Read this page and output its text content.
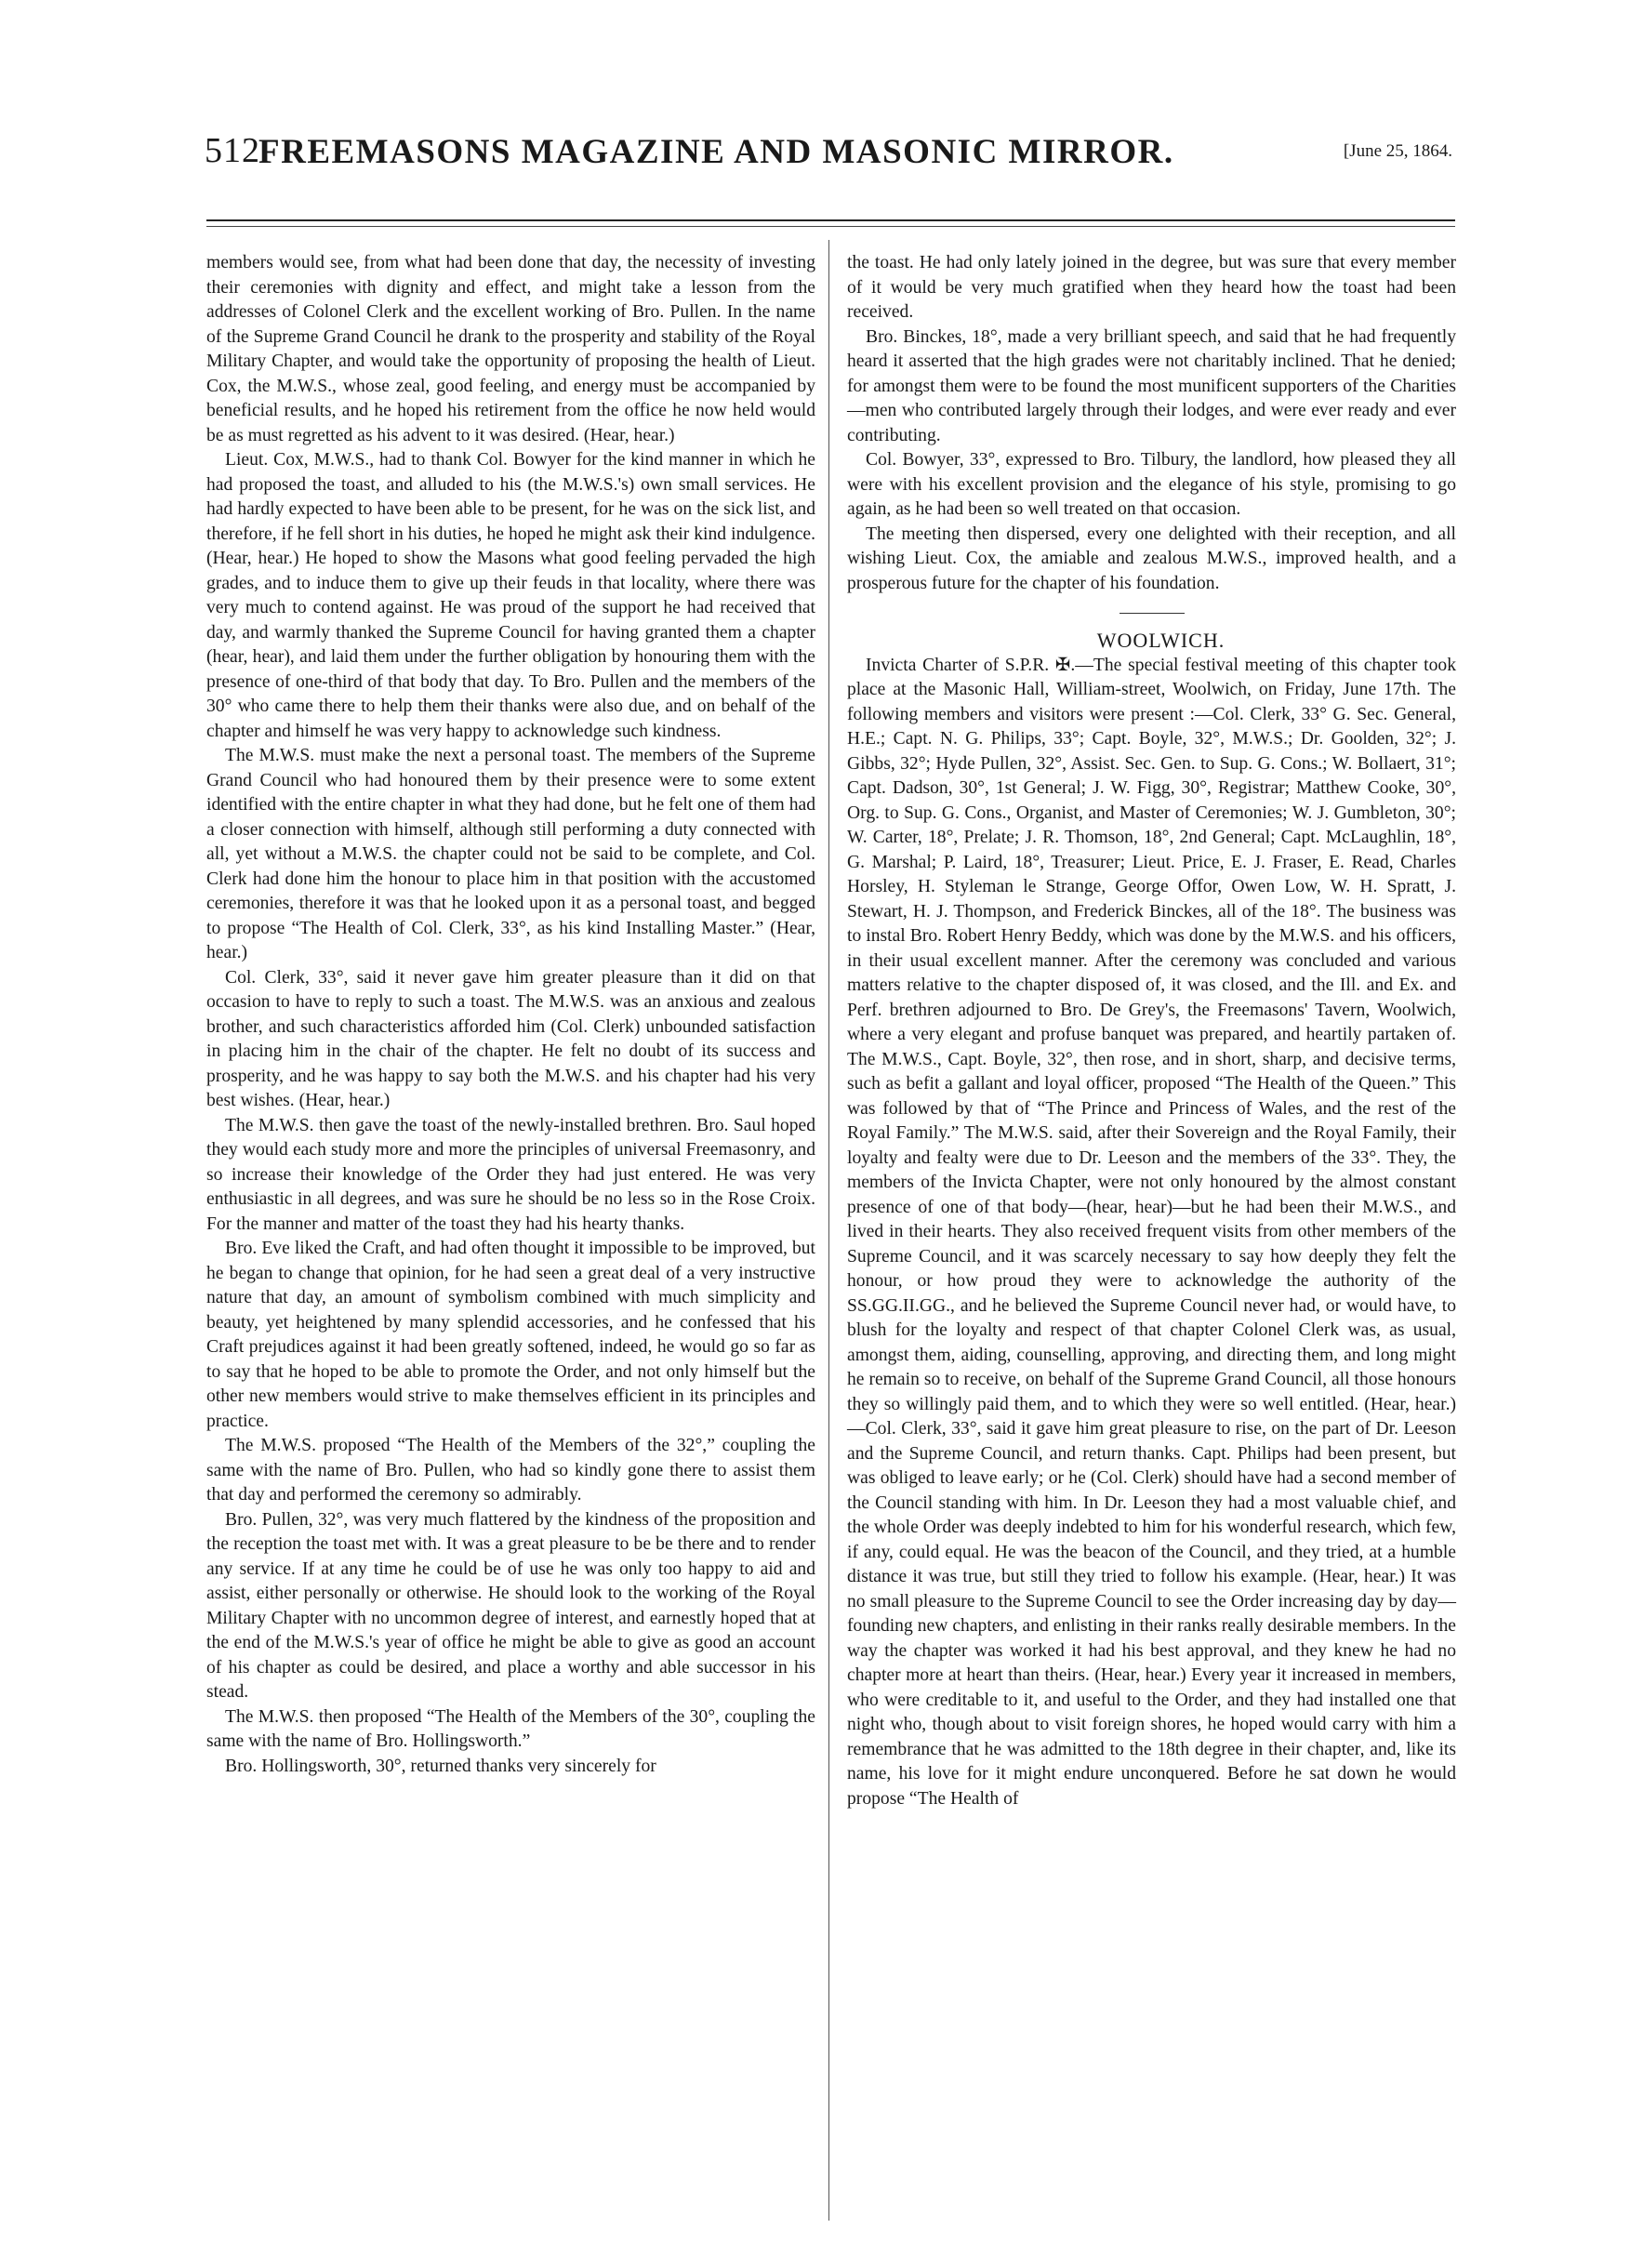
512
FREEMASONS MAGAZINE AND MASONIC MIRROR.	[June 25, 1864.

members would see, from what had been done that day, the necessity of investing their ceremonies with dignity and effect, and might take a lesson from the addresses of Colonel Clerk and the excellent working of Bro. Pullen. In the name of the Supreme Grand Council he drank to the prosperity and stability of the Royal Military Chapter, and would take the opportunity of proposing the health of Lieut. Cox, the M.W.S., whose zeal, good feeling, and energy must be accompanied by beneficial results, and he hoped his retirement from the office he now held would be as must regretted as his advent to it was desired. (Hear, hear.)

Lieut. Cox, M.W.S., had to thank Col. Bowyer for the kind manner in which he had proposed the toast, and alluded to his (the M.W.S.'s) own small services. He had hardly expected to have been able to be present, for he was on the sick list, and therefore, if he fell short in his duties, he hoped he might ask their kind indulgence. (Hear, hear.) He hoped to show the Masons what good feeling pervaded the high grades, and to induce them to give up their feuds in that locality, where there was very much to contend against. He was proud of the support he had received that day, and warmly thanked the Supreme Council for having granted them a chapter (hear, hear), and laid them under the further obligation by honouring them with the presence of one-third of that body that day. To Bro. Pullen and the members of the 30° who came there to help them their thanks were also due, and on behalf of the chapter and himself he was very happy to acknowledge such kindness.

The M.W.S. must make the next a personal toast. The members of the Supreme Grand Council who had honoured them by their presence were to some extent identified with the entire chapter in what they had done, but he felt one of them had a closer connection with himself, although still performing a duty connected with all, yet without a M.W.S. the chapter could not be said to be complete, and Col. Clerk had done him the honour to place him in that position with the accustomed ceremonies, therefore it was that he looked upon it as a personal toast, and begged to propose “The Health of Col. Clerk, 33°, as his kind Installing Master.” (Hear, hear.)

Col. Clerk, 33°, said it never gave him greater pleasure than it did on that occasion to have to reply to such a toast. The M.W.S. was an anxious and zealous brother, and such characteristics afforded him (Col. Clerk) unbounded satisfaction in placing him in the chair of the chapter. He felt no doubt of its success and prosperity, and he was happy to say both the M.W.S. and his chapter had his very best wishes. (Hear, hear.)

The M.W.S. then gave the toast of the newly-installed brethren. Bro. Saul hoped they would each study more and more the principles of universal Freemasonry, and so increase their knowledge of the Order they had just entered. He was very enthusiastic in all degrees, and was sure he should be no less so in the Rose Croix. For the manner and matter of the toast they had his hearty thanks.

Bro. Eve liked the Craft, and had often thought it impossible to be improved, but he began to change that opinion, for he had seen a great deal of a very instructive nature that day, an amount of symbolism combined with much simplicity and beauty, yet heightened by many splendid accessories, and he confessed that his Craft prejudices against it had been greatly softened, indeed, he would go so far as to say that he hoped to be able to promote the Order, and not only himself but the other new members would strive to make themselves efficient in its principles and practice.

The M.W.S. proposed “The Health of the Members of the 32°,” coupling the same with the name of Bro. Pullen, who had so kindly gone there to assist them that day and performed the ceremony so admirably.

Bro. Pullen, 32°, was very much flattered by the kindness of the proposition and the reception the toast met with. It was a great pleasure to be be there and to render any service. If at any time he could be of use he was only too happy to aid and assist, either personally or otherwise. He should look to the working of the Royal Military Chapter with no uncommon degree of interest, and earnestly hoped that at the end of the M.W.S.'s year of office he might be able to give as good an account of his chapter as could be desired, and place a worthy and able successor in his stead.

The M.W.S. then proposed “The Health of the Members of the 30°, coupling the same with the name of Bro. Hollingsworth.”

Bro. Hollingsworth, 30°, returned thanks very sincerely for

the toast. He had only lately joined in the degree, but was sure that every member of it would be very much gratified when they heard how the toast had been received.

Bro. Binckes, 18°, made a very brilliant speech, and said that he had frequently heard it asserted that the high grades were not charitably inclined. That he denied; for amongst them were to be found the most munificent supporters of the Charities—men who contributed largely through their lodges, and were ever ready and ever contributing.

Col. Bowyer, 33°, expressed to Bro. Tilbury, the landlord, how pleased they all were with his excellent provision and the elegance of his style, promising to go again, as he had been so well treated on that occasion.

The meeting then dispersed, every one delighted with their reception, and all wishing Lieut. Cox, the amiable and zealous M.W.S., improved health, and a prosperous future for the chapter of his foundation.

WOOLWICH.

Invicta Charter of S.P.R. ✠.—The special festival meeting of this chapter took place at the Masonic Hall, William-street, Woolwich, on Friday, June 17th. The following members and visitors were present :—Col. Clerk, 33° G. Sec. General, H.E.; Capt. N. G. Philips, 33°; Capt. Boyle, 32°, M.W.S.; Dr. Goolden, 32°; J. Gibbs, 32°; Hyde Pullen, 32°, Assist. Sec. Gen. to Sup. G. Cons.; W. Bollaert, 31°; Capt. Dadson, 30°, 1st General; J. W. Figg, 30°, Registrar; Matthew Cooke, 30°, Org. to Sup. G. Cons., Organist, and Master of Ceremonies; W. J. Gumbleton, 30°; W. Carter, 18°, Prelate; J. R. Thomson, 18°, 2nd General; Capt. McLaughlin, 18°, G. Marshal; P. Laird, 18°, Treasurer; Lieut. Price, E. J. Fraser, E. Read, Charles Horsley, H. Styleman le Strange, George Offor, Owen Low, W. H. Spratt, J. Stewart, H. J. Thompson, and Frederick Binckes, all of the 18°. The business was to instal Bro. Robert Henry Beddy, which was done by the M.W.S. and his officers, in their usual excellent manner. After the ceremony was concluded and various matters relative to the chapter disposed of, it was closed, and the Ill. and Ex. and Perf. brethren adjourned to Bro. De Grey's, the Freemasons' Tavern, Woolwich, where a very elegant and profuse banquet was prepared, and heartily partaken of. The M.W.S., Capt. Boyle, 32°, then rose, and in short, sharp, and decisive terms, such as befit a gallant and loyal officer, proposed “The Health of the Queen.” This was followed by that of “The Prince and Princess of Wales, and the rest of the Royal Family.” The M.W.S. said, after their Sovereign and the Royal Family, their loyalty and fealty were due to Dr. Leeson and the members of the 33°. They, the members of the Invicta Chapter, were not only honoured by the almost constant presence of one of that body—(hear, hear)—but he had been their M.W.S., and lived in their hearts. They also received frequent visits from other members of the Supreme Council, and it was scarcely necessary to say how deeply they felt the honour, or how proud they were to acknowledge the authority of the SS.GG.II.GG., and he believed the Supreme Council never had, or would have, to blush for the loyalty and respect of that chapter Colonel Clerk was, as usual, amongst them, aiding, counselling, approving, and directing them, and long might he remain so to receive, on behalf of the Supreme Grand Council, all those honours they so willingly paid them, and to which they were so well entitled. (Hear, hear.)—Col. Clerk, 33°, said it gave him great pleasure to rise, on the part of Dr. Leeson and the Supreme Council, and return thanks. Capt. Philips had been present, but was obliged to leave early; or he (Col. Clerk) should have had a second member of the Council standing with him. In Dr. Leeson they had a most valuable chief, and the whole Order was deeply indebted to him for his wonderful research, which few, if any, could equal. He was the beacon of the Council, and they tried, at a humble distance it was true, but still they tried to follow his example. (Hear, hear.) It was no small pleasure to the Supreme Council to see the Order increasing day by day—founding new chapters, and enlisting in their ranks really desirable members. In the way the chapter was worked it had his best approval, and they knew he had no chapter more at heart than theirs. (Hear, hear.) Every year it increased in members, who were creditable to it, and useful to the Order, and they had installed one that night who, though about to visit foreign shores, he hoped would carry with him a remembrance that he was admitted to the 18th degree in their chapter, and, like its name, his love for it might endure unconquered. Before he sat down he would propose “The Health of
